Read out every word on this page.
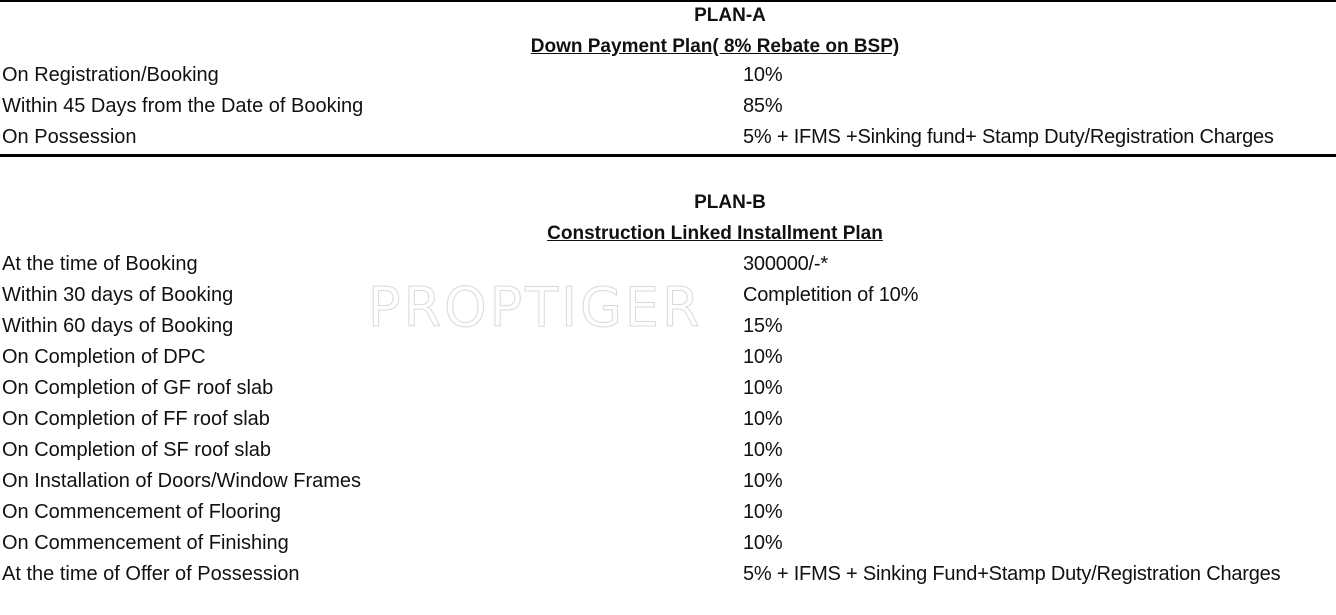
PLAN-A
Down Payment Plan( 8% Rebate on BSP)
On Registration/Booking	10%
Within 45 Days from the Date of Booking	85%
On Possession	5% + IFMS +Sinking fund+ Stamp Duty/Registration Charges
PLAN-B
Construction Linked Installment Plan
PROPTIGER
At the time of Booking	300000/-*
Within 30 days of Booking	Completition of 10%
Within 60 days of Booking	15%
On Completion of DPC	10%
On Completion of GF roof slab	10%
On Completion of FF roof slab	10%
On Completion of SF roof slab	10%
On Installation of Doors/Window Frames	10%
On Commencement of Flooring	10%
On Commencement of Finishing	10%
At the time of Offer of Possession	5% + IFMS + Sinking Fund+Stamp Duty/Registration Charges
